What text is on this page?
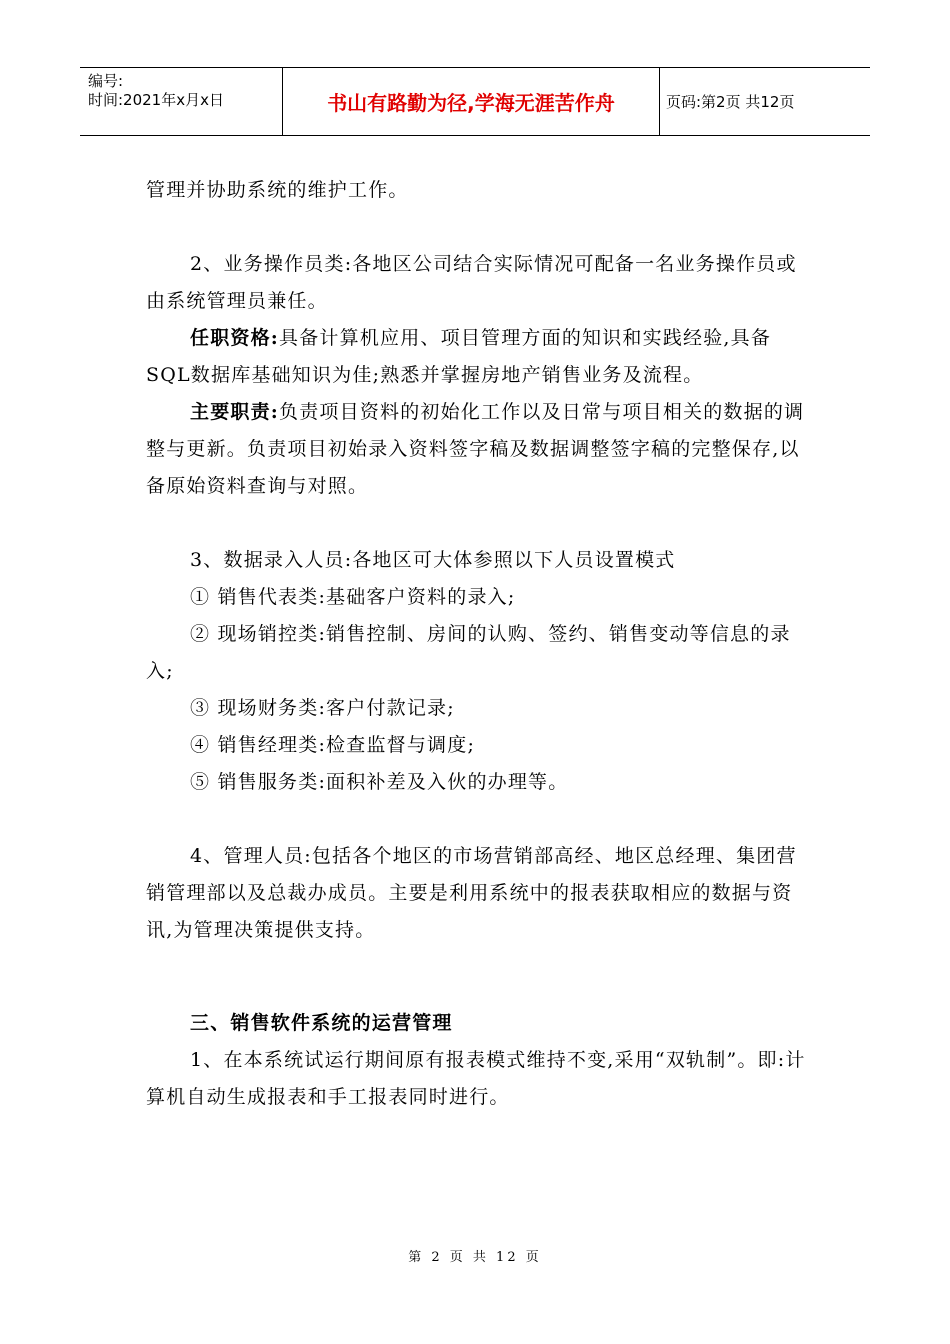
编号:
时间:2021年x月x日	书山有路勤为径,学海无涯苦作舟	页码:第2页 共12页

管理并协助系统的维护工作。

2、业务操作员类:各地区公司结合实际情况可配备一名业务操作员或由系统管理员兼任。

任职资格:具备计算机应用、项目管理方面的知识和实践经验,具备SQL数据库基础知识为佳;熟悉并掌握房地产销售业务及流程。

主要职责:负责项目资料的初始化工作以及日常与项目相关的数据的调整与更新。负责项目初始录入资料签字稿及数据调整签字稿的完整保存,以备原始资料查询与对照。

3、数据录入人员:各地区可大体参照以下人员设置模式

① 销售代表类:基础客户资料的录入;

② 现场销控类:销售控制、房间的认购、签约、销售变动等信息的录入;

③ 现场财务类:客户付款记录;

④ 销售经理类:检查监督与调度;

⑤ 销售服务类:面积补差及入伙的办理等。

4、管理人员:包括各个地区的市场营销部高经、地区总经理、集团营销管理部以及总裁办成员。主要是利用系统中的报表获取相应的数据与资讯,为管理决策提供支持。

三、销售软件系统的运营管理

1、在本系统试运行期间原有报表模式维持不变,采用“双轨制”。即:计算机自动生成报表和手工报表同时进行。

第 2 页 共 12 页
